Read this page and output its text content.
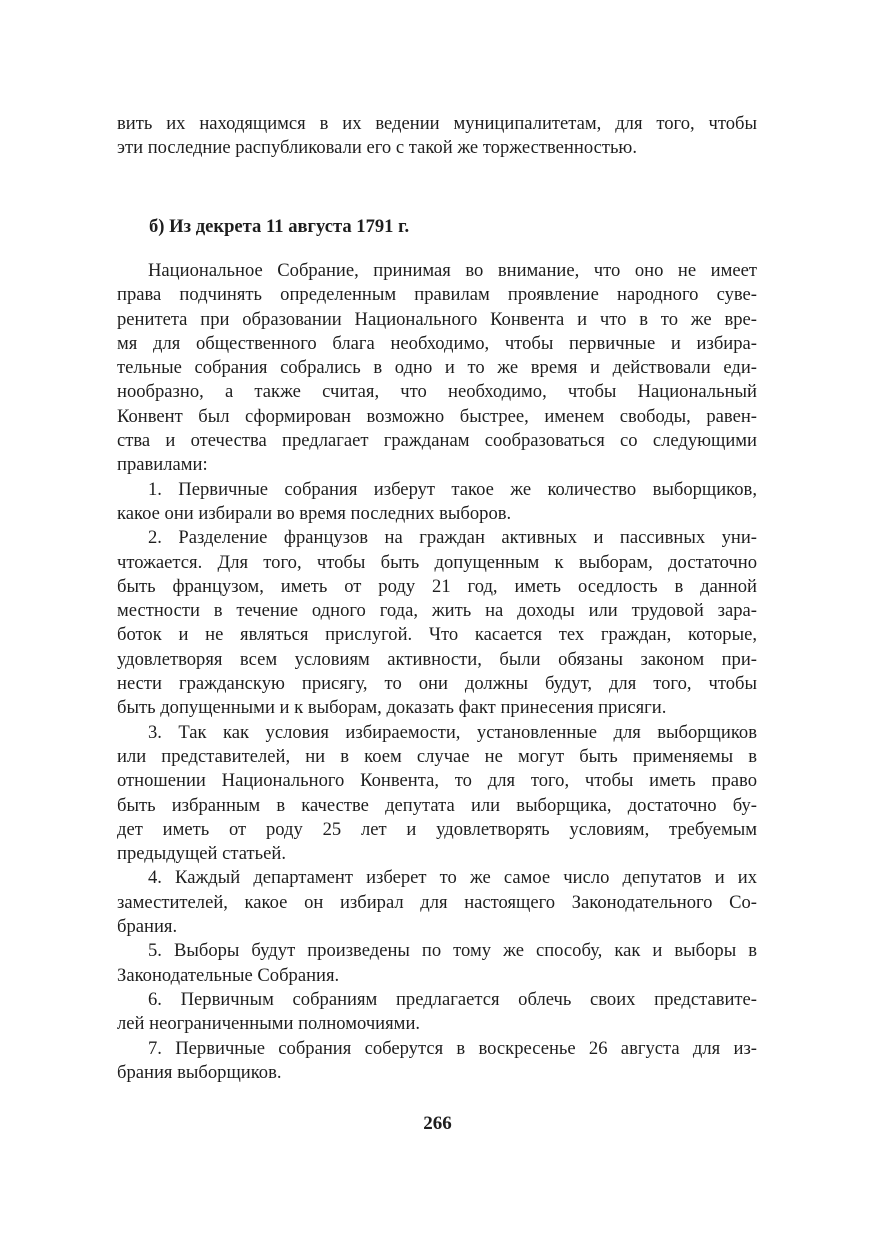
вить их находящимся в их ведении муниципалитетам, для того, чтобы
эти последние распубликовали его с такой же торжественностью.
б) Из декрета 11 августа 1791 г.
Национальное Собрание, принимая во внимание, что оно не имеет
права подчинять определенным правилам проявление народного суве-
ренитета при образовании Национального Конвента и что в то же вре-
мя для общественного блага необходимо, чтобы первичные и избира-
тельные собрания собрались в одно и то же время и действовали еди-
нообразно, а также считая, что необходимо, чтобы Национальный
Конвент был сформирован возможно быстрее, именем свободы, равен-
ства и отечества предлагает гражданам сообразоваться со следующими
правилами:
1. Первичные собрания изберут такое же количество выборщиков,
какое они избирали во время последних выборов.
2. Разделение французов на граждан активных и пассивных уни-
чтожается. Для того, чтобы быть допущенным к выборам, достаточно
быть французом, иметь от роду 21 год, иметь оседлость в данной
местности в течение одного года, жить на доходы или трудовой зара-
боток и не являться прислугой. Что касается тех граждан, которые,
удовлетворяя всем условиям активности, были обязаны законом при-
нести гражданскую присягу, то они должны будут, для того, чтобы
быть допущенными и к выборам, доказать факт принесения присяги.
3. Так как условия избираемости, установленные для выборщиков
или представителей, ни в коем случае не могут быть применяемы в
отношении Национального Конвента, то для того, чтобы иметь право
быть избранным в качестве депутата или выборщика, достаточно бу-
дет иметь от роду 25 лет и удовлетворять условиям, требуемым
предыдущей статьей.
4. Каждый департамент изберет то же самое число депутатов и их
заместителей, какое он избирал для настоящего Законодательного Со-
брания.
5. Выборы будут произведены по тому же способу, как и выборы в
Законодательные Собрания.
6. Первичным собраниям предлагается облечь своих представите-
лей неограниченными полномочиями.
7. Первичные собрания соберутся в воскресенье 26 августа для из-
брания выборщиков.
266
